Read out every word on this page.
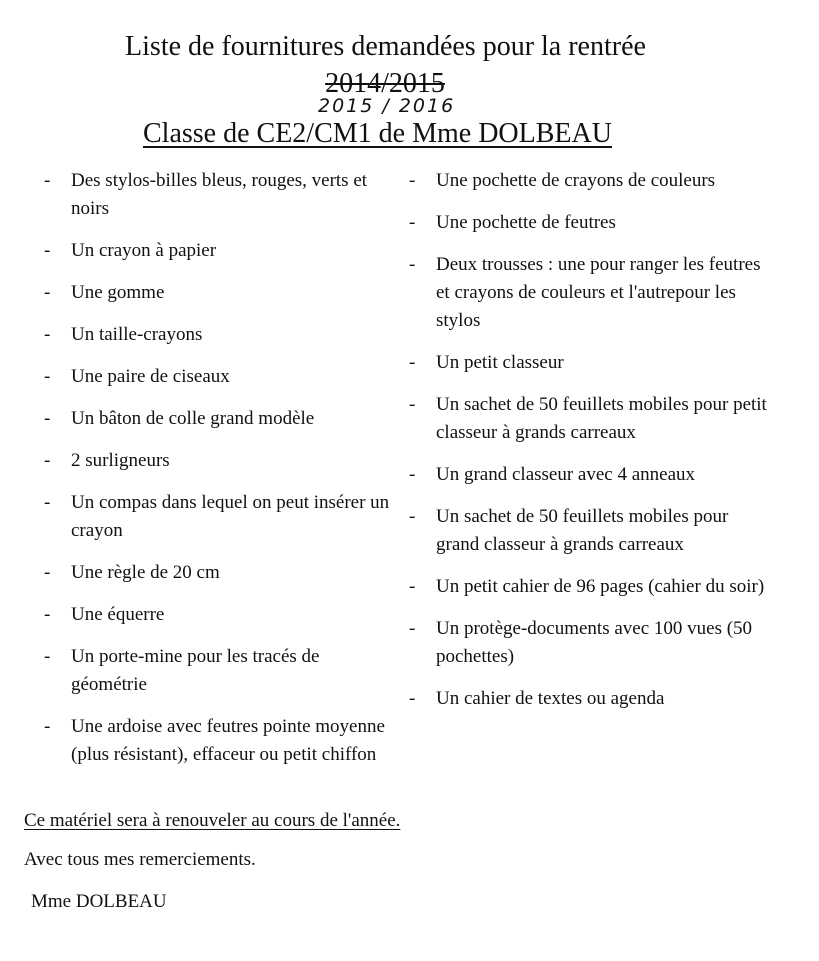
Liste de fournitures demandées pour la rentrée
2014/2015
2015 / 2016
Classe de CE2/CM1 de Mme DOLBEAU
- Des stylos-billes bleus, rouges, verts et noirs
- Un crayon à papier
- Une gomme
- Un taille-crayons
- Une paire de ciseaux
- Un bâton de colle grand modèle
- 2 surligneurs
- Un compas dans lequel on peut insérer un crayon
- Une règle de 20 cm
- Une équerre
- Un porte-mine pour les tracés de géométrie
- Une ardoise avec feutres pointe moyenne (plus résistant), effaceur ou petit chiffon
- Une pochette de crayons de couleurs
- Une pochette de feutres
- Deux trousses : une pour ranger les feutres et crayons de couleurs et l'autrepour les stylos
- Un petit classeur
- Un sachet de 50 feuillets mobiles pour petit classeur à grands carreaux
- Un grand classeur avec 4 anneaux
- Un sachet de 50 feuillets mobiles pour grand classeur à grands carreaux
- Un petit cahier de 96 pages (cahier du soir)
- Un protège-documents avec 100 vues (50 pochettes)
- Un cahier de textes ou agenda
Ce matériel sera à renouveler au cours de l'année.
Avec tous mes remerciements.
Mme DOLBEAU
